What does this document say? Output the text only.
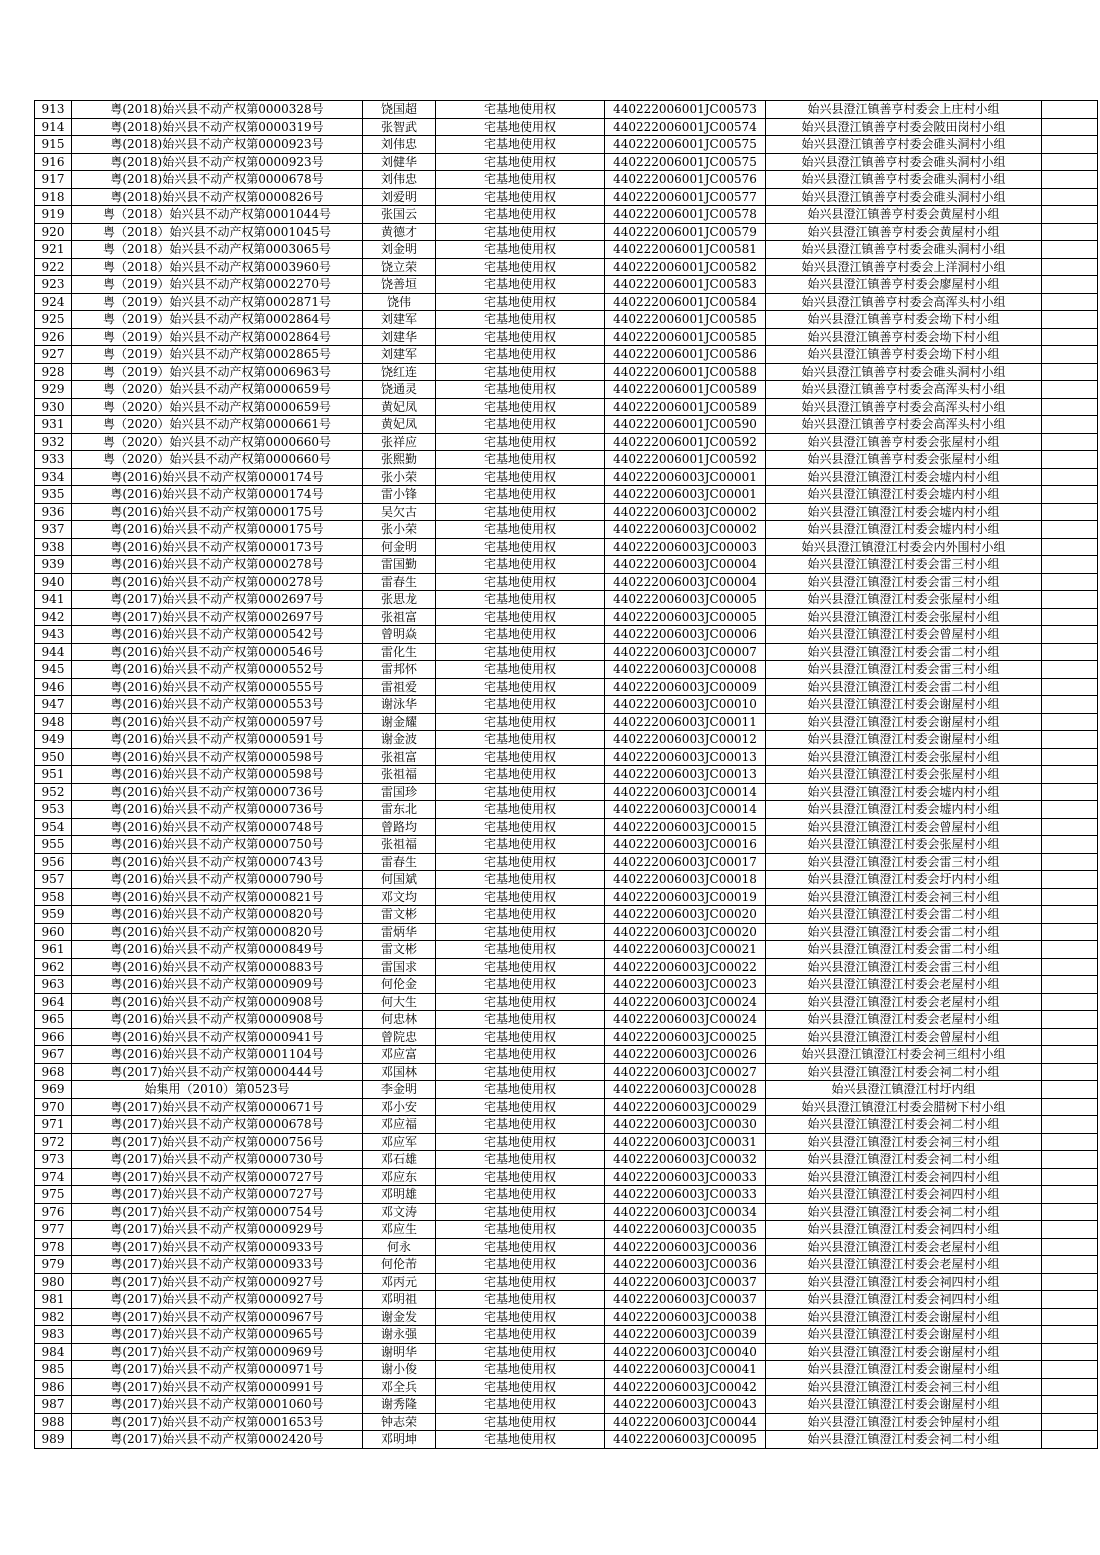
913	粤(2018)始兴县不动产权第0000328号	饶国超	宅基地使用权	440222006001JC00573	始兴县澄江镇善亨村委会上庄村小组	
914	粤(2018)始兴县不动产权第0000319号	张智武	宅基地使用权	440222006001JC00574	始兴县澄江镇善亨村委会陂田岗村小组	
915	粤(2018)始兴县不动产权第0000923号	刘伟忠	宅基地使用权	440222006001JC00575	始兴县澄江镇善亨村委会碓头洞村小组	
916	粤(2018)始兴县不动产权第0000923号	刘健华	宅基地使用权	440222006001JC00575	始兴县澄江镇善亨村委会碓头洞村小组	
917	粤(2018)始兴县不动产权第0000678号	刘伟忠	宅基地使用权	440222006001JC00576	始兴县澄江镇善亨村委会碓头洞村小组	
918	粤(2018)始兴县不动产权第0000826号	刘爱明	宅基地使用权	440222006001JC00577	始兴县澄江镇善亨村委会碓头洞村小组	
919	粤（2018）始兴县不动产权第0001044号	张国云	宅基地使用权	440222006001JC00578	始兴县澄江镇善亨村委会黄屋村小组	
920	粤（2018）始兴县不动产权第0001045号	黄德才	宅基地使用权	440222006001JC00579	始兴县澄江镇善亨村委会黄屋村小组	
921	粤（2018）始兴县不动产权第0003065号	刘金明	宅基地使用权	440222006001JC00581	始兴县澄江镇善亨村委会碓头洞村小组	
922	粤（2018）始兴县不动产权第0003960号	饶立荣	宅基地使用权	440222006001JC00582	始兴县澄江镇善亨村委会上洋洞村小组	
923	粤（2019）始兴县不动产权第0002270号	饶善垣	宅基地使用权	440222006001JC00583	始兴县澄江镇善亨村委会廖屋村小组	
924	粤（2019）始兴县不动产权第0002871号	饶伟	宅基地使用权	440222006001JC00584	始兴县澄江镇善亨村委会高浑头村小组	
925	粤（2019）始兴县不动产权第0002864号	刘建军	宅基地使用权	440222006001JC00585	始兴县澄江镇善亨村委会坳下村小组	
926	粤（2019）始兴县不动产权第0002864号	刘建华	宅基地使用权	440222006001JC00585	始兴县澄江镇善亨村委会坳下村小组	
927	粤（2019）始兴县不动产权第0002865号	刘建军	宅基地使用权	440222006001JC00586	始兴县澄江镇善亨村委会坳下村小组	
928	粤（2019）始兴县不动产权第0006963号	饶红连	宅基地使用权	440222006001JC00588	始兴县澄江镇善亨村委会碓头洞村小组	
929	粤（2020）始兴县不动产权第0000659号	饶通灵	宅基地使用权	440222006001JC00589	始兴县澄江镇善亨村委会高浑头村小组	
930	粤（2020）始兴县不动产权第0000659号	黄妃凤	宅基地使用权	440222006001JC00589	始兴县澄江镇善亨村委会高浑头村小组	
931	粤（2020）始兴县不动产权第0000661号	黄妃凤	宅基地使用权	440222006001JC00590	始兴县澄江镇善亨村委会高浑头村小组	
932	粤（2020）始兴县不动产权第0000660号	张祥应	宅基地使用权	440222006001JC00592	始兴县澄江镇善亨村委会张屋村小组	
933	粤（2020）始兴县不动产权第0000660号	张熙勤	宅基地使用权	440222006001JC00592	始兴县澄江镇善亨村委会张屋村小组	
934	粤(2016)始兴县不动产权第0000174号	张小荣	宅基地使用权	440222006003JC00001	始兴县澄江镇澄江村委会墟内村小组	
935	粤(2016)始兴县不动产权第0000174号	雷小锋	宅基地使用权	440222006003JC00001	始兴县澄江镇澄江村委会墟内村小组	
936	粤(2016)始兴县不动产权第0000175号	吴欠古	宅基地使用权	440222006003JC00002	始兴县澄江镇澄江村委会墟内村小组	
937	粤(2016)始兴县不动产权第0000175号	张小荣	宅基地使用权	440222006003JC00002	始兴县澄江镇澄江村委会墟内村小组	
938	粤(2016)始兴县不动产权第0000173号	何金明	宅基地使用权	440222006003JC00003	始兴县澄江镇澄江村委会内外围村小组	
939	粤(2016)始兴县不动产权第0000278号	雷国勤	宅基地使用权	440222006003JC00004	始兴县澄江镇澄江村委会雷三村小组	
940	粤(2016)始兴县不动产权第0000278号	雷春生	宅基地使用权	440222006003JC00004	始兴县澄江镇澄江村委会雷三村小组	
941	粤(2017)始兴县不动产权第0002697号	张思龙	宅基地使用权	440222006003JC00005	始兴县澄江镇澄江村委会张屋村小组	
942	粤(2017)始兴县不动产权第0002697号	张祖富	宅基地使用权	440222006003JC00005	始兴县澄江镇澄江村委会张屋村小组	
943	粤(2016)始兴县不动产权第0000542号	曾明焱	宅基地使用权	440222006003JC00006	始兴县澄江镇澄江村委会曾屋村小组	
944	粤(2016)始兴县不动产权第0000546号	雷化生	宅基地使用权	440222006003JC00007	始兴县澄江镇澄江村委会雷二村小组	
945	粤(2016)始兴县不动产权第0000552号	雷邦怀	宅基地使用权	440222006003JC00008	始兴县澄江镇澄江村委会雷三村小组	
946	粤(2016)始兴县不动产权第0000555号	雷祖爱	宅基地使用权	440222006003JC00009	始兴县澄江镇澄江村委会雷二村小组	
947	粤(2016)始兴县不动产权第0000553号	谢泳华	宅基地使用权	440222006003JC00010	始兴县澄江镇澄江村委会谢屋村小组	
948	粤(2016)始兴县不动产权第0000597号	谢金耀	宅基地使用权	440222006003JC00011	始兴县澄江镇澄江村委会谢屋村小组	
949	粤(2016)始兴县不动产权第0000591号	谢金波	宅基地使用权	440222006003JC00012	始兴县澄江镇澄江村委会谢屋村小组	
950	粤(2016)始兴县不动产权第0000598号	张祖富	宅基地使用权	440222006003JC00013	始兴县澄江镇澄江村委会张屋村小组	
951	粤(2016)始兴县不动产权第0000598号	张祖福	宅基地使用权	440222006003JC00013	始兴县澄江镇澄江村委会张屋村小组	
952	粤(2016)始兴县不动产权第0000736号	雷国珍	宅基地使用权	440222006003JC00014	始兴县澄江镇澄江村委会墟内村小组	
953	粤(2016)始兴县不动产权第0000736号	雷东北	宅基地使用权	440222006003JC00014	始兴县澄江镇澄江村委会墟内村小组	
954	粤(2016)始兴县不动产权第0000748号	曾路均	宅基地使用权	440222006003JC00015	始兴县澄江镇澄江村委会曾屋村小组	
955	粤(2016)始兴县不动产权第0000750号	张祖福	宅基地使用权	440222006003JC00016	始兴县澄江镇澄江村委会张屋村小组	
956	粤(2016)始兴县不动产权第0000743号	雷春生	宅基地使用权	440222006003JC00017	始兴县澄江镇澄江村委会雷三村小组	
957	粤(2016)始兴县不动产权第0000790号	何国斌	宅基地使用权	440222006003JC00018	始兴县澄江镇澄江村委会圩内村小组	
958	粤(2016)始兴县不动产权第0000821号	邓文均	宅基地使用权	440222006003JC00019	始兴县澄江镇澄江村委会祠三村小组	
959	粤(2016)始兴县不动产权第0000820号	雷文彬	宅基地使用权	440222006003JC00020	始兴县澄江镇澄江村委会雷二村小组	
960	粤(2016)始兴县不动产权第0000820号	雷炳华	宅基地使用权	440222006003JC00020	始兴县澄江镇澄江村委会雷二村小组	
961	粤(2016)始兴县不动产权第0000849号	雷文彬	宅基地使用权	440222006003JC00021	始兴县澄江镇澄江村委会雷二村小组	
962	粤(2016)始兴县不动产权第0000883号	雷国求	宅基地使用权	440222006003JC00022	始兴县澄江镇澄江村委会雷三村小组	
963	粤(2016)始兴县不动产权第0000909号	何伦金	宅基地使用权	440222006003JC00023	始兴县澄江镇澄江村委会老屋村小组	
964	粤(2016)始兴县不动产权第0000908号	何大生	宅基地使用权	440222006003JC00024	始兴县澄江镇澄江村委会老屋村小组	
965	粤(2016)始兴县不动产权第0000908号	何忠林	宅基地使用权	440222006003JC00024	始兴县澄江镇澄江村委会老屋村小组	
966	粤(2016)始兴县不动产权第0000941号	曾院忠	宅基地使用权	440222006003JC00025	始兴县澄江镇澄江村委会曾屋村小组	
967	粤(2016)始兴县不动产权第0001104号	邓应富	宅基地使用权	440222006003JC00026	始兴县澄江镇澄江村委会祠三组村小组	
968	粤(2017)始兴县不动产权第0000444号	邓国林	宅基地使用权	440222006003JC00027	始兴县澄江镇澄江村委会祠二村小组	
969	始集用（2010）第0523号	李金明	宅基地使用权	440222006003JC00028	始兴县澄江镇澄江村圩内组	
970	粤(2017)始兴县不动产权第0000671号	邓小安	宅基地使用权	440222006003JC00029	始兴县澄江镇澄江村委会腊树下村小组	
971	粤(2017)始兴县不动产权第0000678号	邓应福	宅基地使用权	440222006003JC00030	始兴县澄江镇澄江村委会祠二村小组	
972	粤(2017)始兴县不动产权第0000756号	邓应军	宅基地使用权	440222006003JC00031	始兴县澄江镇澄江村委会祠三村小组	
973	粤(2017)始兴县不动产权第0000730号	邓石雄	宅基地使用权	440222006003JC00032	始兴县澄江镇澄江村委会祠二村小组	
974	粤(2017)始兴县不动产权第0000727号	邓应东	宅基地使用权	440222006003JC00033	始兴县澄江镇澄江村委会祠四村小组	
975	粤(2017)始兴县不动产权第0000727号	邓明雄	宅基地使用权	440222006003JC00033	始兴县澄江镇澄江村委会祠四村小组	
976	粤(2017)始兴县不动产权第0000754号	邓文涛	宅基地使用权	440222006003JC00034	始兴县澄江镇澄江村委会祠二村小组	
977	粤(2017)始兴县不动产权第0000929号	邓应生	宅基地使用权	440222006003JC00035	始兴县澄江镇澄江村委会祠四村小组	
978	粤(2017)始兴县不动产权第0000933号	何永	宅基地使用权	440222006003JC00036	始兴县澄江镇澄江村委会老屋村小组	
979	粤(2017)始兴县不动产权第0000933号	何伦芾	宅基地使用权	440222006003JC00036	始兴县澄江镇澄江村委会老屋村小组	
980	粤(2017)始兴县不动产权第0000927号	邓丙元	宅基地使用权	440222006003JC00037	始兴县澄江镇澄江村委会祠四村小组	
981	粤(2017)始兴县不动产权第0000927号	邓明祖	宅基地使用权	440222006003JC00037	始兴县澄江镇澄江村委会祠四村小组	
982	粤(2017)始兴县不动产权第0000967号	谢金发	宅基地使用权	440222006003JC00038	始兴县澄江镇澄江村委会谢屋村小组	
983	粤(2017)始兴县不动产权第0000965号	谢永强	宅基地使用权	440222006003JC00039	始兴县澄江镇澄江村委会谢屋村小组	
984	粤(2017)始兴县不动产权第0000969号	谢明华	宅基地使用权	440222006003JC00040	始兴县澄江镇澄江村委会谢屋村小组	
985	粤(2017)始兴县不动产权第0000971号	谢小俊	宅基地使用权	440222006003JC00041	始兴县澄江镇澄江村委会谢屋村小组	
986	粤(2017)始兴县不动产权第0000991号	邓全兵	宅基地使用权	440222006003JC00042	始兴县澄江镇澄江村委会祠三村小组	
987	粤(2017)始兴县不动产权第0001060号	谢秀隆	宅基地使用权	440222006003JC00043	始兴县澄江镇澄江村委会谢屋村小组	
988	粤(2017)始兴县不动产权第0001653号	钟志荣	宅基地使用权	440222006003JC00044	始兴县澄江镇澄江村委会钟屋村小组	
989	粤(2017)始兴县不动产权第0002420号	邓明坤	宅基地使用权	440222006003JC00095	始兴县澄江镇澄江村委会祠二村小组	
